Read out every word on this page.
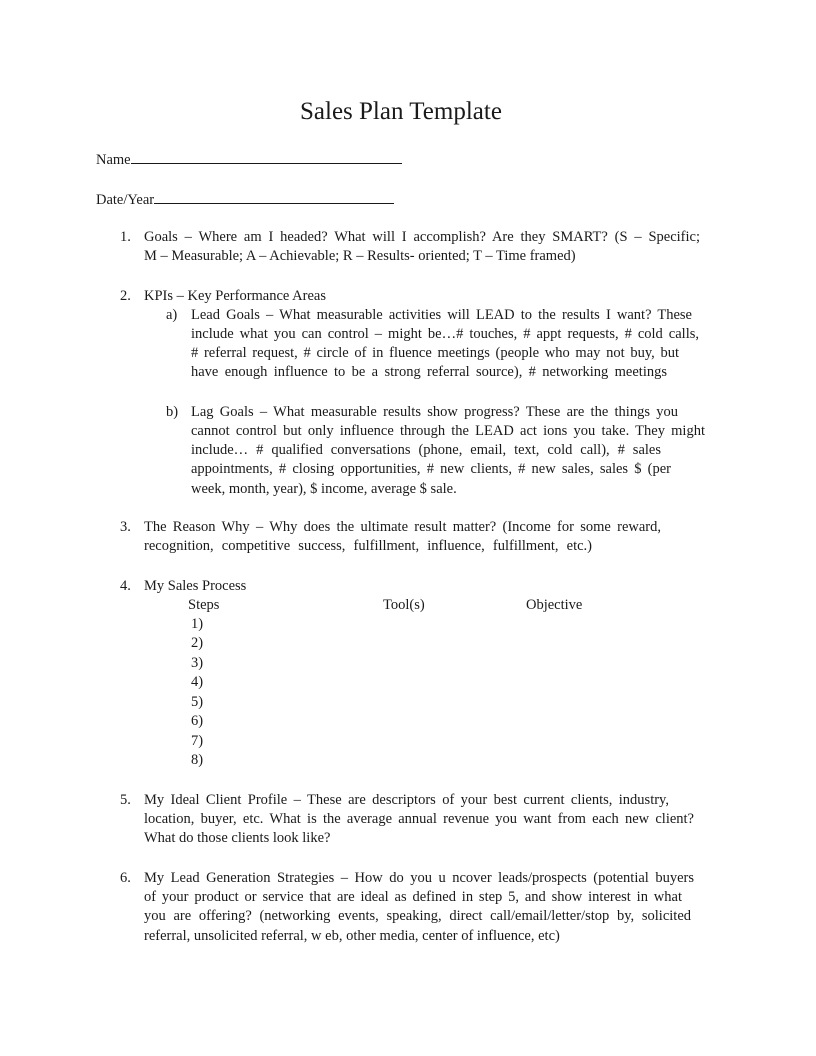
Sales Plan Template
Name
Date/Year
1. Goals – Where am I headed? What will I accomplish? Are they SMART? (S – Specific;
M – Measurable; A – Achievable; R – Results- oriented; T – Time framed)
2. KPIs – Key Performance Areas
a) Lead Goals – What measurable activities will LEAD to the results I want? These
include what you can control – might be…# touches, # appt requests, # cold calls,
# referral request, # circle of in fluence meetings (people who may not buy, but
have enough influence to be a strong referral source), # networking meetings
b) Lag Goals – What measurable results show progress? These are the things you
cannot control but only influence through the LEAD act ions you take. They might
include… # qualified conversations (phone, email, text, cold call), # sales
appointments, # closing opportunities, # new clients, # new sales, sales $ (per
week, month, year), $ income, average $ sale.
3. The Reason Why – Why does the ultimate result matter? (Income for some reward,
recognition, competitive success, fulfillment, influence, fulfillment, etc.)
4. My Sales Process
Steps	Tool(s)	Objective
1)
2)
3)
4)
5)
6)
7)
8)
5. My Ideal Client Profile – These are descriptors of your best current clients, industry,
location, buyer, etc. What is the average annual revenue you want from each new client?
What do those clients look like?
6. My Lead Generation Strategies – How do you u ncover leads/prospects (potential buyers
of your product or service that are ideal as defined in step 5, and show interest in what
you are offering? (networking events, speaking, direct call/email/letter/stop by, solicited
referral, unsolicited referral, w eb, other media, center of influence, etc)
